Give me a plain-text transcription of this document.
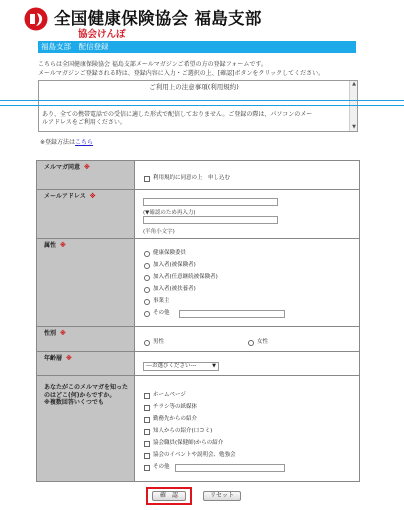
全国健康保険協会 福島支部
協会けんぽ
福島支部　配信登録
こちらは全国健康保険協会 福島支部メールマガジンご希望の方の登録フォームです。
メールマガジンご登録される時は、登録内容に入力・ご選択の上、[確認]ボタンをクリックしてください。
ご利用上の注意事項(利用規約)
あり、全ての携帯電話での受信に適した形式で配信しておりません。ご登録の際は、パソコンのメー
ルアドレスをご利用ください。
▲
▼
※登録方法はこちら
メルマガ同意 ※
利用規約に同意の上　申し込む
メールアドレス ※
(▼確認のため再入力)
(半角小文字)
属性 ※
健康保険委員
加入者(被保険者)
加入者(任意継続被保険者)
加入者(被扶養者)
事業主
その他
性別 ※
男性	女性
年齢層 ※
---お選びください---	▼
あなたがこのメルマガを知った
のはどこ(何)からですか。
※複数回答いくつでも
ホームページ
チラシ等の紙媒体
勤務先からの紹介
知人からの紹介(口コミ)
協会職員(保健師)からの紹介
協会のイベントや説明会、勉強会
その他
確　認	リセット
